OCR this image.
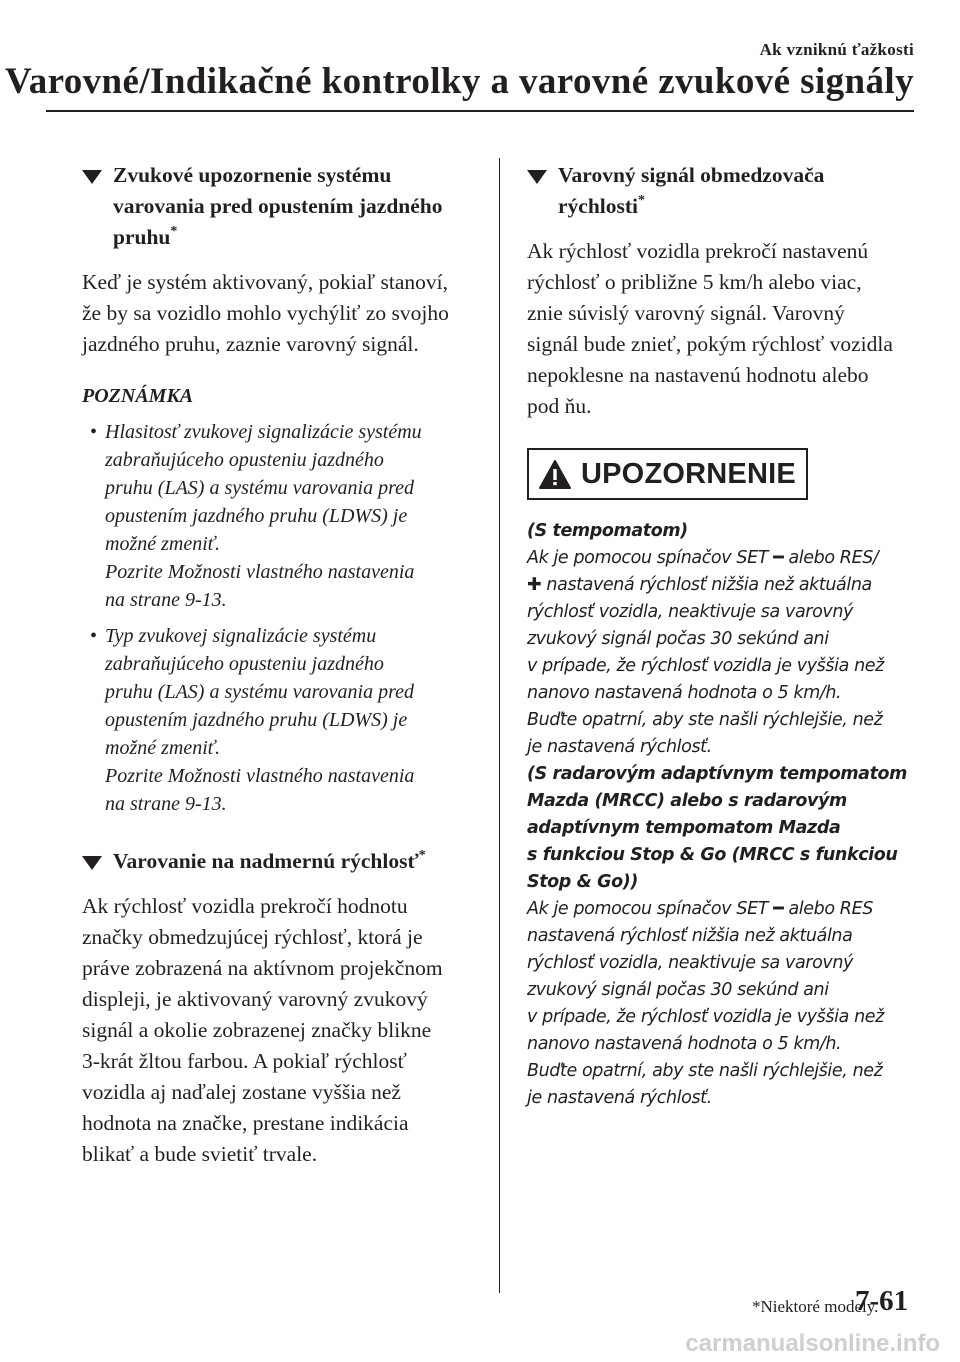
Ak vzniknú ťažkosti
Varovné/Indikačné kontrolky a varovné zvukové signály
Zvukové upozornenie systému
varovania pred opustením jazdného
pruhu*
Keď je systém aktivovaný, pokiaľ stanoví,
že by sa vozidlo mohlo vychýliť zo svojho
jazdného pruhu, zaznie varovný signál.
POZNÁMKA
• Hlasitosť zvukovej signalizácie systému
zabraňujúceho opusteniu jazdného
pruhu (LAS) a systému varovania pred
opustením jazdného pruhu (LDWS) je
možné zmeniť.
Pozrite Možnosti vlastného nastavenia
na strane 9-13.

• Typ zvukovej signalizácie systému
zabraňujúceho opusteniu jazdného
pruhu (LAS) a systému varovania pred
opustením jazdného pruhu (LDWS) je
možné zmeniť.
Pozrite Možnosti vlastného nastavenia
na strane 9-13.

Varovanie na nadmernú rýchlosť*
Ak rýchlosť vozidla prekročí hodnotu
značky obmedzujúcej rýchlosť, ktorá je
práve zobrazená na aktívnom projekčnom
displeji, je aktivovaný varovný zvukový
signál a okolie zobrazenej značky blikne
3-krát žltou farbou. A pokiaľ rýchlosť
vozidla aj naďalej zostane vyššia než
hodnota na značke, prestane indikácia
blikať a bude svietiť trvale.
Varovný signál obmedzovača
rýchlosti*
Ak rýchlosť vozidla prekročí nastavenú
rýchlosť o približne 5 km/h alebo viac,
znie súvislý varovný signál. Varovný
signál bude znieť, pokým rýchlosť vozidla
nepoklesne na nastavenú hodnotu alebo
pod ňu.
UPOZORNENIE

(S tempomatom)

Ak je pomocou spínačov SET ━ alebo RES/

✚ nastavená rýchlosť nižšia než aktuálna

rýchlosť vozidla, neaktivuje sa varovný

zvukový signál počas 30 sekúnd ani

v prípade, že rýchlosť vozidla je vyššia než

nanovo nastavená hodnota o 5 km/h.

Buďte opatrní, aby ste našli rýchlejšie, než

je nastavená rýchlosť.

(S radarovým adaptívnym tempomatom

Mazda (MRCC) alebo s radarovým

adaptívnym tempomatom Mazda

s funkciou Stop & Go (MRCC s funkciou

Stop & Go))

Ak je pomocou spínačov SET ━ alebo RES

nastavená rýchlosť nižšia než aktuálna

rýchlosť vozidla, neaktivuje sa varovný

zvukový signál počas 30 sekúnd ani

v prípade, že rýchlosť vozidla je vyššia než

nanovo nastavená hodnota o 5 km/h.

Buďte opatrní, aby ste našli rýchlejšie, než

je nastavená rýchlosť.

*Niektoré modely.
7-61
carmanualsonline.info
